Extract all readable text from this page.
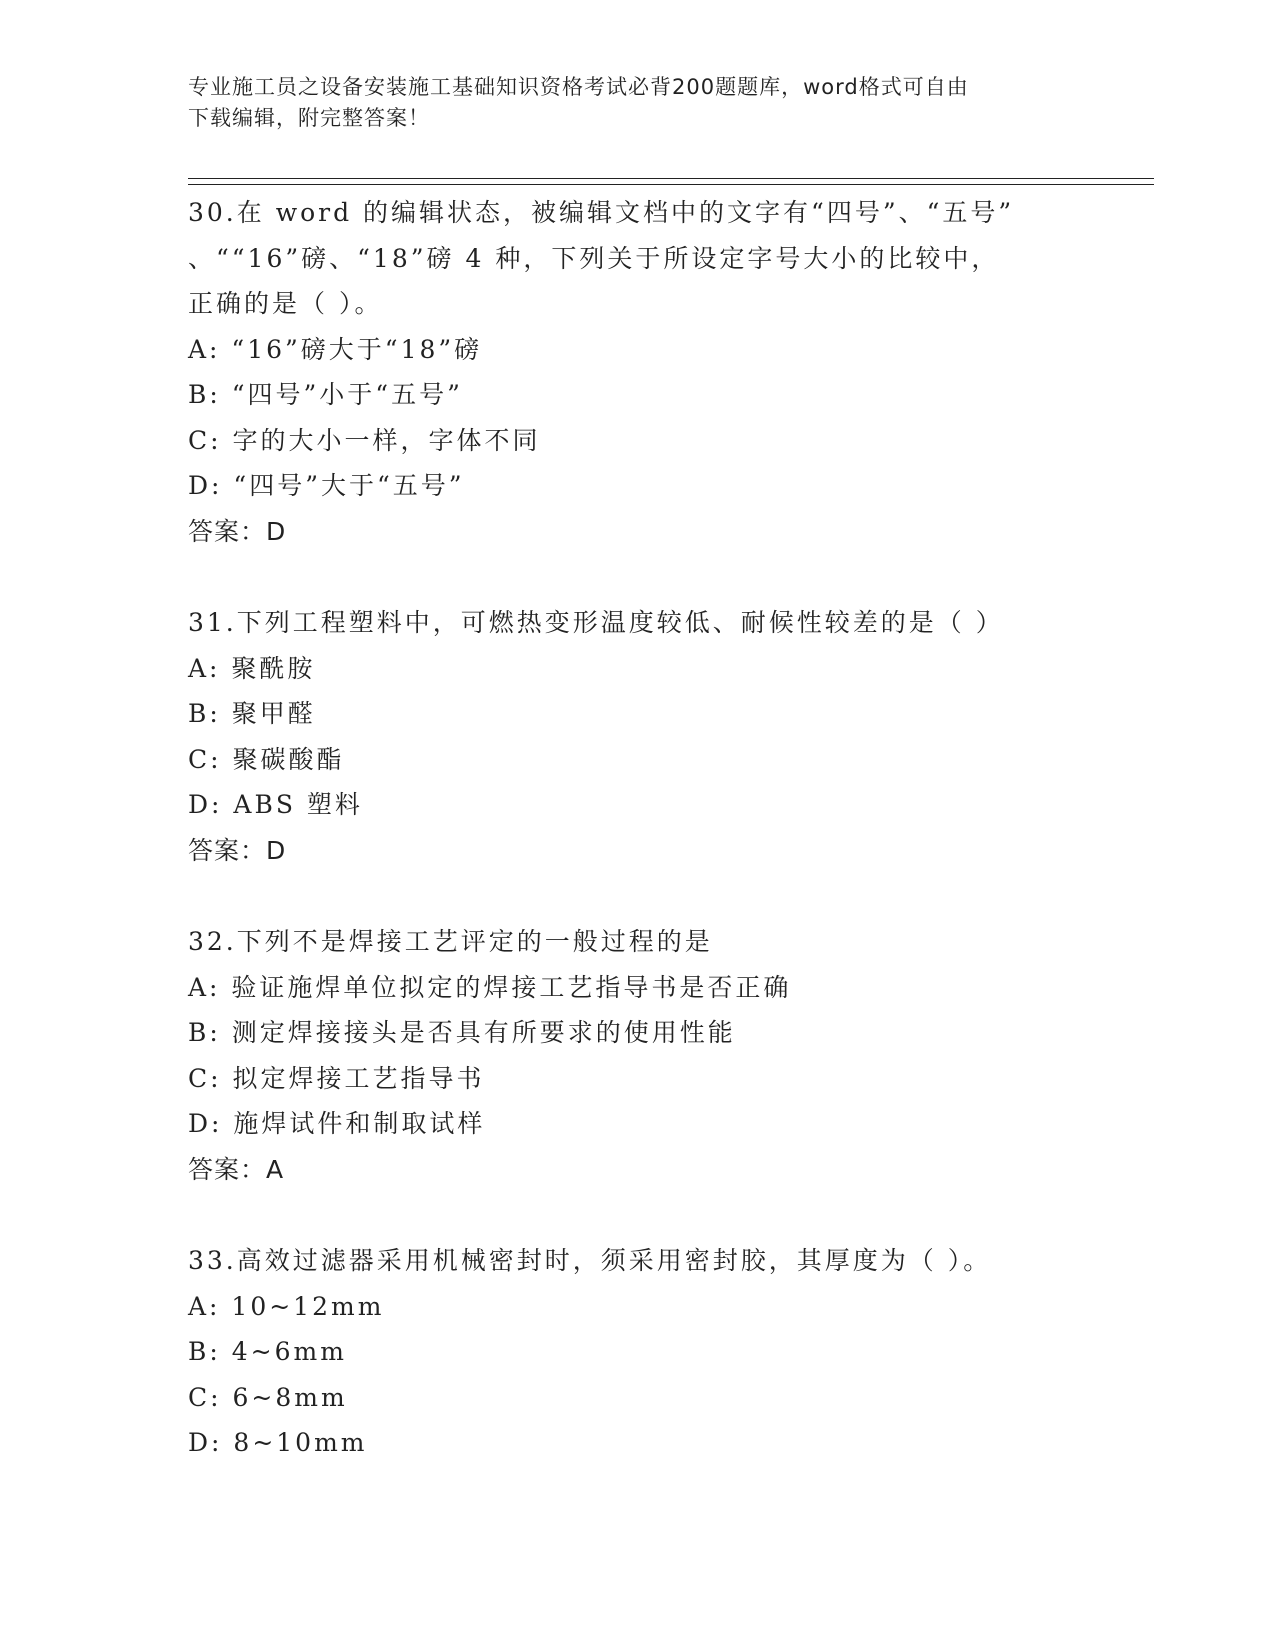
专业施工员之设备安装施工基础知识资格考试必背200题题库，word格式可自由
下载编辑，附完整答案！

30.在 word 的编辑状态，被编辑文档中的文字有“四号”、“五号”

、““16”磅、“18”磅 4 种，下列关于所设定字号大小的比较中，

正确的是（ ）。

A: “16”磅大于“18”磅

B: “四号”小于“五号”

C: 字的大小一样，字体不同

D: “四号”大于“五号”

答案：D

31.下列工程塑料中，可燃热变形温度较低、耐候性较差的是（ ）

A: 聚酰胺

B: 聚甲醛

C: 聚碳酸酯

D: ABS 塑料

答案：D

32.下列不是焊接工艺评定的一般过程的是

A: 验证施焊单位拟定的焊接工艺指导书是否正确

B: 测定焊接接头是否具有所要求的使用性能

C: 拟定焊接工艺指导书

D: 施焊试件和制取试样

答案：A

33.高效过滤器采用机械密封时，须采用密封胶，其厚度为（ ）。

A: 10~12mm

B: 4~6mm

C: 6~8mm

D: 8~10mm
